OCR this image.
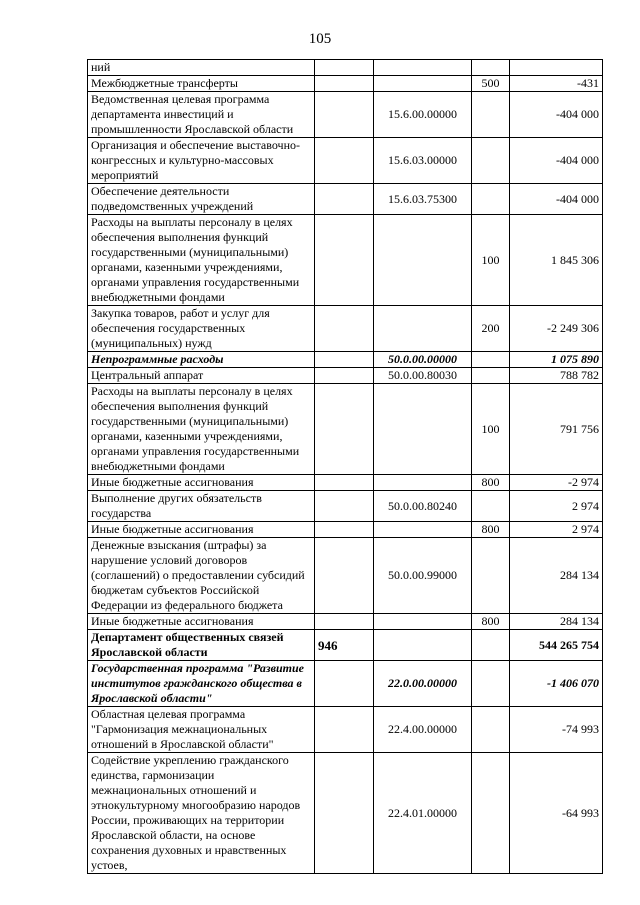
105
ний				
Межбюджетные трансферты			500	-431
Ведомственная целевая программа департамента инвестиций и промышленности Ярославской области		15.6.00.00000		-404 000
Организация и обеспечение выставочно-конгрессных и культурно-массовых мероприятий		15.6.03.00000		-404 000
Обеспечение деятельности подведомственных учреждений		15.6.03.75300		-404 000
Расходы на выплаты персоналу в целях обеспечения выполнения функций государственными (муниципальными) органами, казенными учреждениями, органами управления государственными внебюджетными фондами			100	1 845 306
Закупка товаров, работ и услуг для обеспечения государственных (муниципальных) нужд			200	-2 249 306
Непрограммные расходы		50.0.00.00000		1 075 890
Центральный аппарат		50.0.00.80030		788 782
Расходы на выплаты персоналу в целях обеспечения выполнения функций государственными (муниципальными) органами, казенными учреждениями, органами управления государственными внебюджетными фондами			100	791 756
Иные бюджетные ассигнования			800	-2 974
Выполнение других обязательств государства		50.0.00.80240		2 974
Иные бюджетные ассигнования			800	2 974
Денежные взыскания (штрафы) за нарушение условий договоров (соглашений) о предоставлении субсидий бюджетам субъектов Российской Федерации из федерального бюджета		50.0.00.99000		284 134
Иные бюджетные ассигнования			800	284 134
Департамент общественных связей Ярославской области	946			544 265 754
Государственная программа "Развитие институтов гражданского общества в Ярославской области"		22.0.00.00000		-1 406 070
Областная целевая программа "Гармонизация межнациональных отношений в Ярославской области"		22.4.00.00000		-74 993
Содействие укреплению гражданского единства, гармонизации межнациональных отношений и этнокультурному многообразию народов России, проживающих на территории Ярославской области, на основе сохранения духовных и нравственных устоев,		22.4.01.00000		-64 993
